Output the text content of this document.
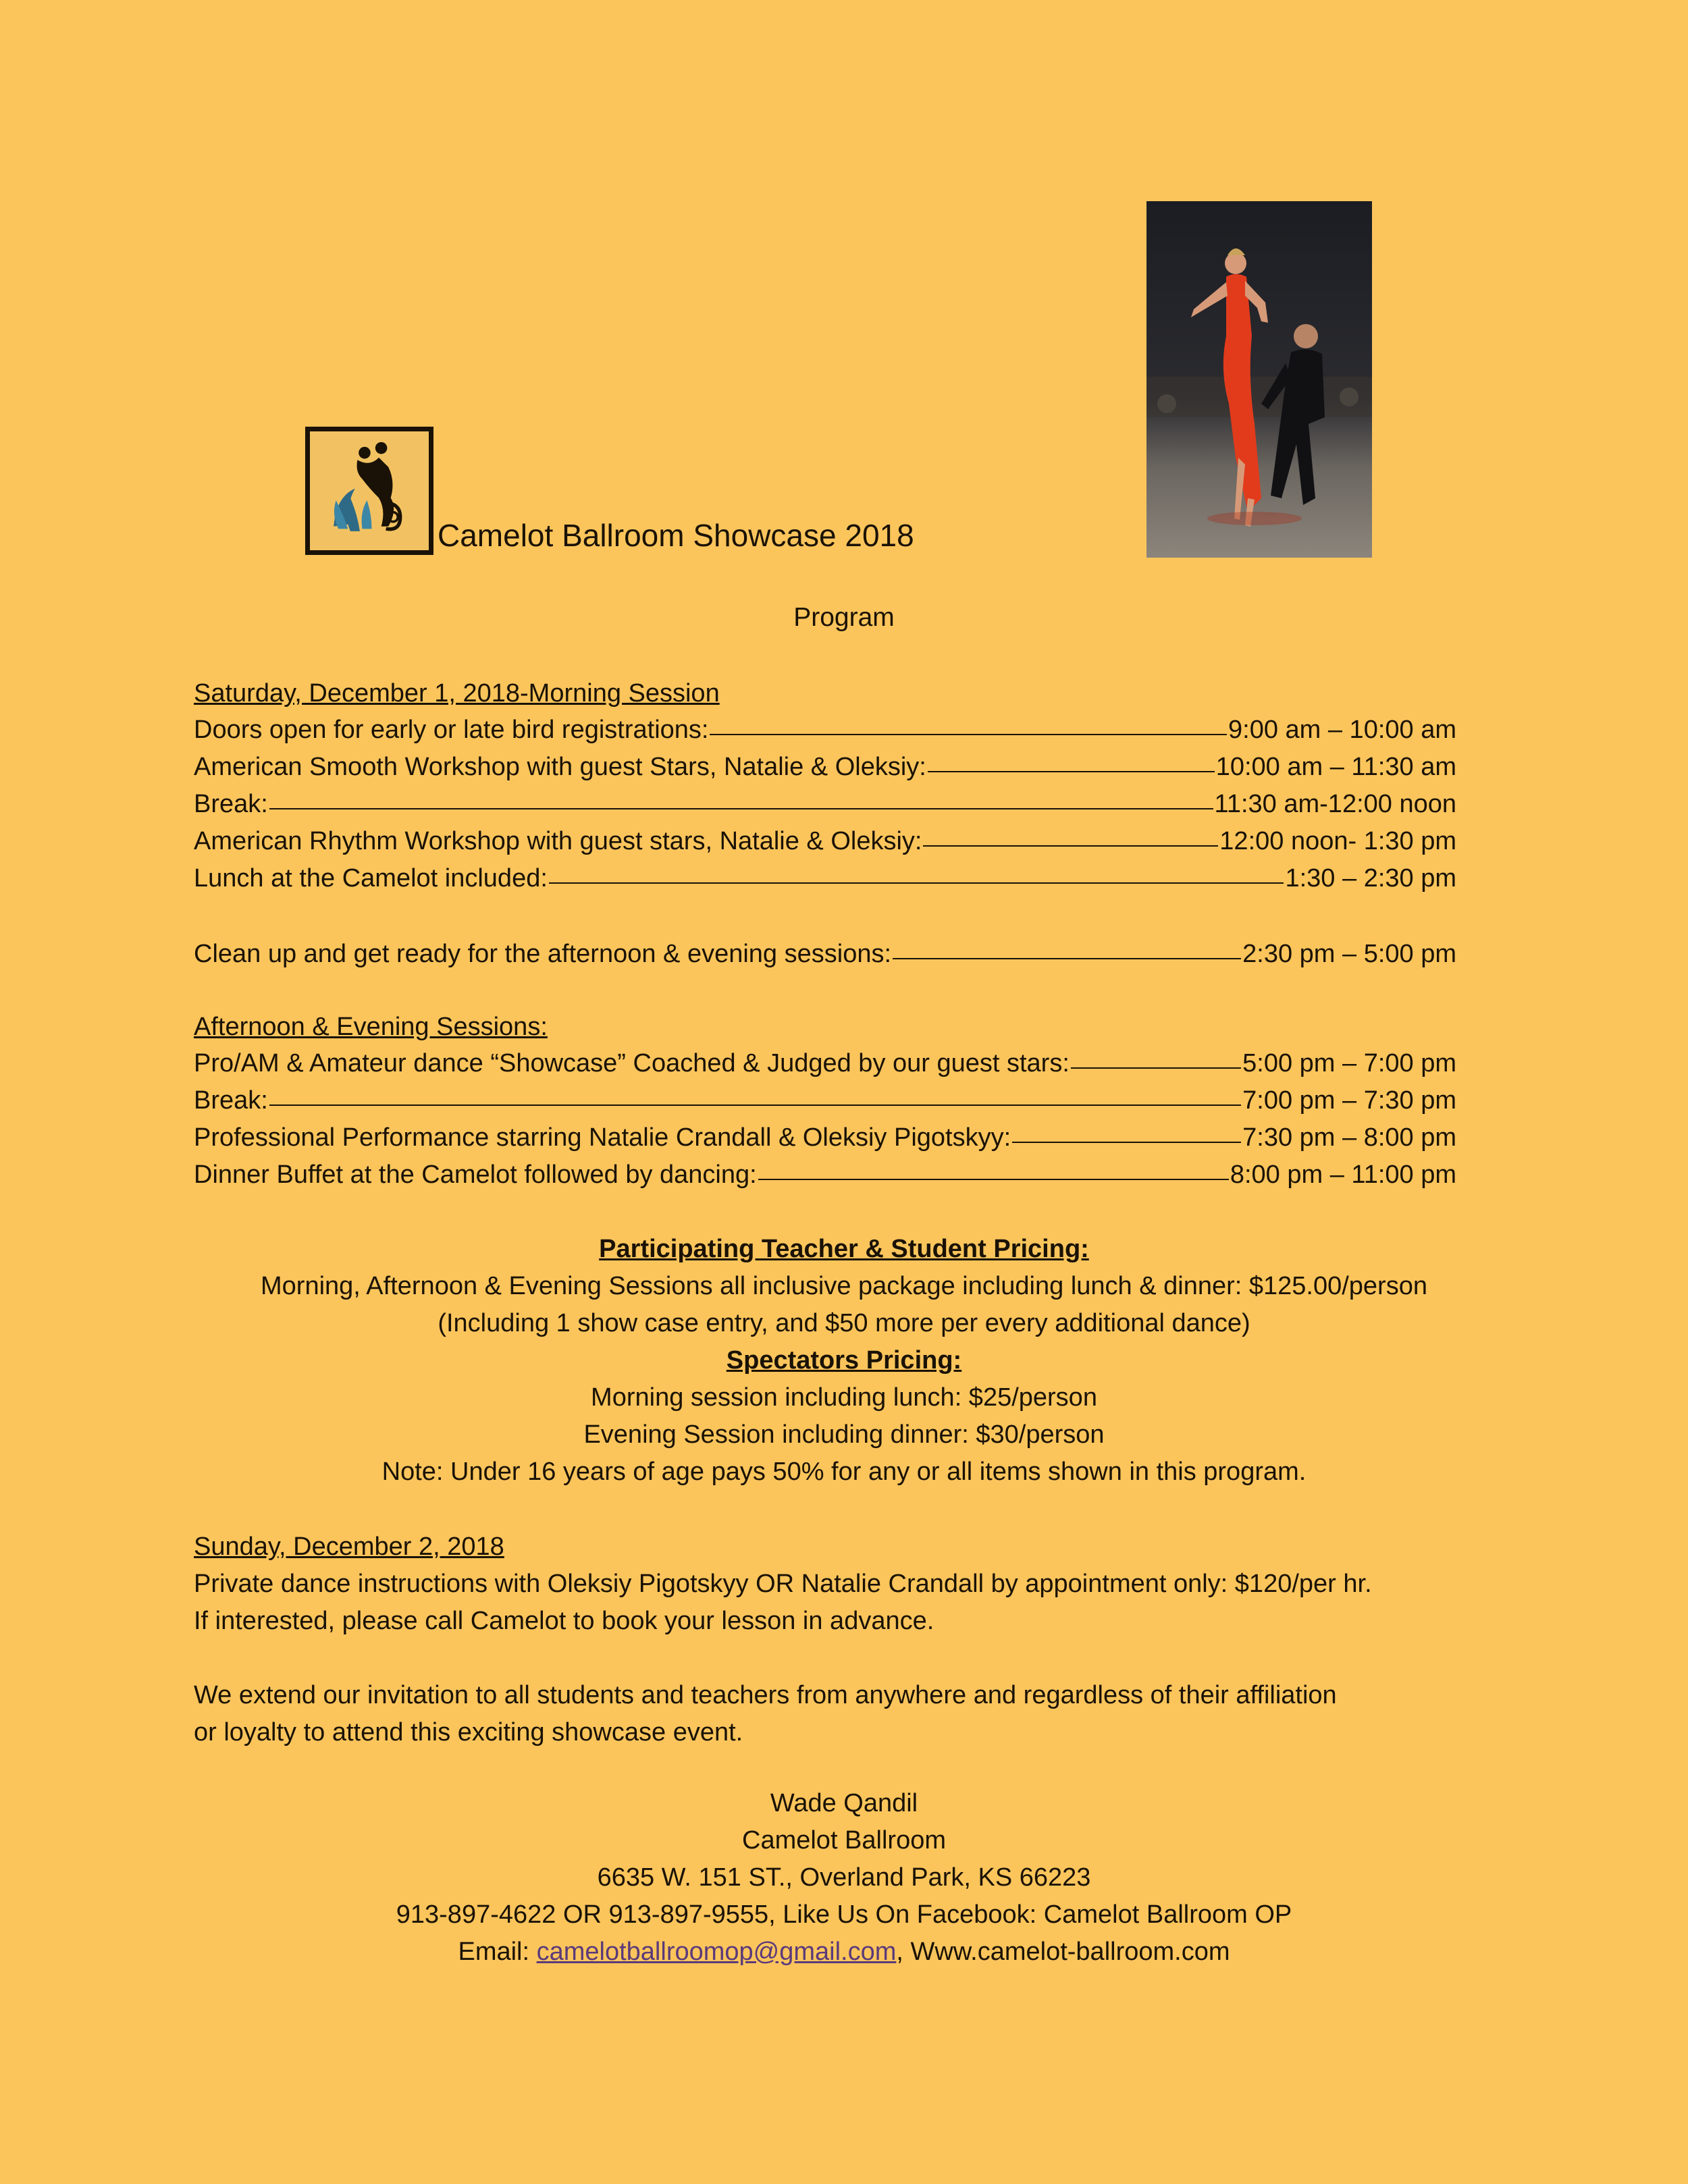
Camelot Ballroom Showcase 2018
Program
Saturday, December 1, 2018-Morning Session
Doors open for early or late bird registrations:	9:00 am – 10:00 am
American Smooth Workshop with guest Stars, Natalie & Oleksiy:	10:00 am – 11:30 am
Break:	11:30 am-12:00 noon
American Rhythm Workshop with guest stars, Natalie & Oleksiy:	12:00 noon- 1:30 pm
Lunch at the Camelot included:	1:30 – 2:30 pm
Clean up and get ready for the afternoon & evening sessions:	2:30 pm – 5:00 pm
Afternoon & Evening Sessions:
Pro/AM & Amateur dance “Showcase” Coached & Judged by our guest stars:	5:00 pm – 7:00 pm
Break:	7:00 pm – 7:30 pm
Professional Performance starring Natalie Crandall & Oleksiy Pigotskyy:	7:30 pm – 8:00 pm
Dinner Buffet at the Camelot followed by dancing:	8:00 pm – 11:00 pm
Participating Teacher & Student Pricing:
Morning, Afternoon & Evening Sessions all inclusive package including lunch & dinner: $125.00/person
(Including 1 show case entry, and $50 more per every additional dance)
Spectators Pricing:
Morning session including lunch: $25/person
Evening Session including dinner: $30/person
Note: Under 16 years of age pays 50% for any or all items shown in this program.
Sunday, December 2, 2018
Private dance instructions with Oleksiy Pigotskyy OR Natalie Crandall by appointment only: $120/per hr.
If interested, please call Camelot to book your lesson in advance.
We extend our invitation to all students and teachers from anywhere and regardless of their affiliation
or loyalty to attend this exciting showcase event.
Wade Qandil
Camelot Ballroom
6635 W. 151 ST., Overland Park, KS 66223
913-897-4622 OR 913-897-9555, Like Us On Facebook: Camelot Ballroom OP
Email: camelotballroomop@gmail.com, Www.camelot-ballroom.com
